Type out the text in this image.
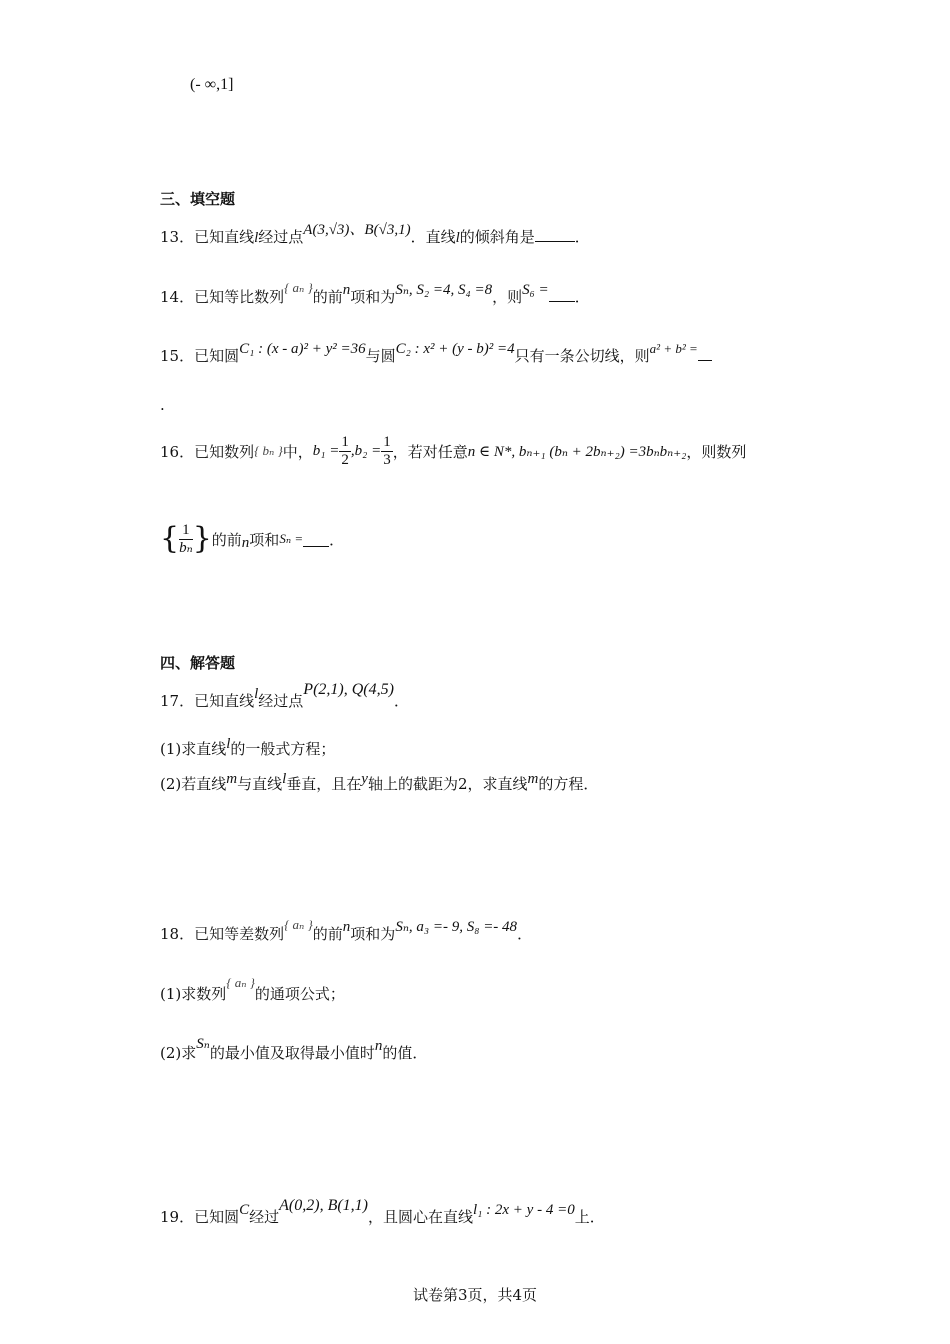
(- ∞,1]
三、填空题
13．已知直线l经过点A(3,√3)、B(√3,1)．直线l的倾斜角是	．
14．已知等比数列{ aₙ }的前n项和为Sₙ, S₂ =4, S₄ =8，则S₆ = ．
15．已知圆C₁ : (x - a)² + y² =36与圆C₂ : x² + (y - b)² =4只有一条公切线，则a² + b² =
.
16． 已知数列 { bₙ } 中， $b_1 = \frac{1}{2} ,b_2 = \frac{1}{3}$ ，若对任意 n ∈ N*, bₙ₊₁ (bₙ + 2bₙ₊₂) =3bₙbₙ₊₂ ，则数列
{ $\frac{1}{\text{bₙ}}$ } 的前 n 项和 Sₙ = ．
四、解答题
17．已知直线l经过点P(2,1), Q(4,5)．
(1)求直线l的一般式方程；
(2)若直线m与直线l垂直，且在y轴上的截距为2，求直线m的方程．
18．已知等差数列{ aₙ }的前n项和为Sₙ, a₃ =- 9, S₈ =- 48．
(1)求数列{ aₙ }的通项公式；
(2)求Sₙ的最小值及取得最小值时n的值．
19．已知圆C经过A(0,2), B(1,1)，且圆心在直线l₁ : 2x + y - 4 =0上．
试卷第3页，共4页
